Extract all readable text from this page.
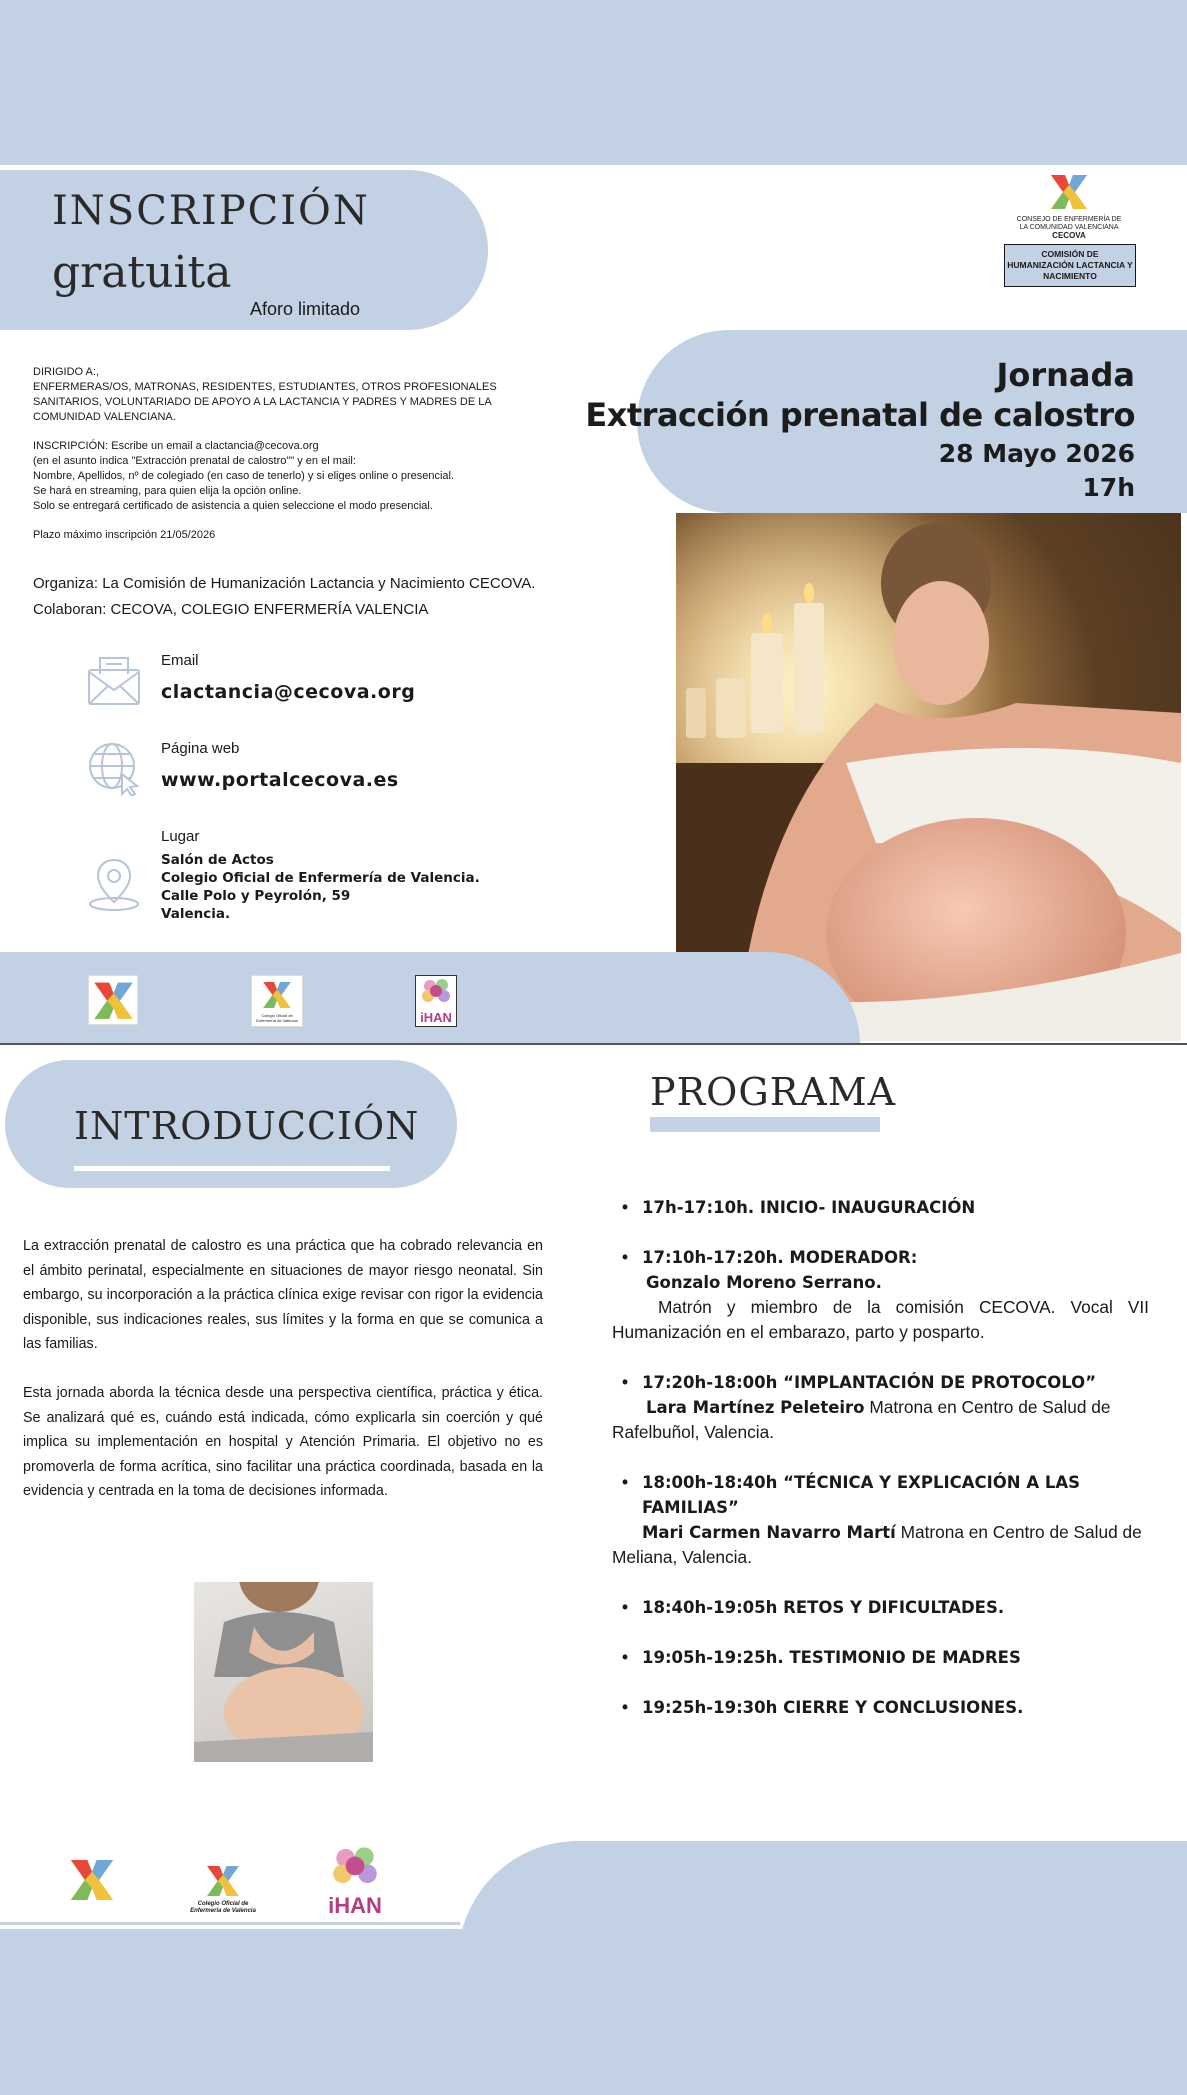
INSCRIPCIÓN
gratuita
Aforo limitado
CONSEJO DE ENFERMERÍA DE
LA COMUNIDAD VALENCIANA
CECOVA
COMISIÓN DE HUMANIZACIÓN LACTANCIA Y NACIMIENTO
Jornada
Extracción prenatal de calostro
28 Mayo 2026
17h

DIRIGIDO A:,
ENFERMERAS/OS, MATRONAS, RESIDENTES, ESTUDIANTES, OTROS PROFESIONALES SANITARIOS, VOLUNTARIADO DE APOYO A LA LACTANCIA Y PADRES Y MADRES DE LA COMUNIDAD VALENCIANA.

INSCRIPCIÓN: Escribe un email a clactancia@cecova.org
(en el asunto indica "Extracción prenatal de calostro"" y en el mail:
Nombre, Apellidos, nº de colegiado (en caso de tenerlo) y si eliges online o presencial.
Se hará en streaming, para quien elija la opción online.
Solo se entregará certificado de asistencia a quien seleccione el modo presencial.

Plazo máximo inscripción 21/05/2026

Organiza: La Comisión de Humanización Lactancia y Nacimiento CECOVA.
Colaboran: CECOVA, COLEGIO ENFERMERÍA VALENCIA
Email
clactancia@cecova.org
Página web
www.portalcecova.es
Lugar
Salón de Actos
Colegio Oficial de Enfermería de Valencia.
Calle Polo y Peyrolón, 59
Valencia.
Colegio Oficial de Enfermería de Valencia	iHAN
INTRODUCCIÓN

La extracción prenatal de calostro es una práctica que ha cobrado relevancia en el ámbito perinatal, especialmente en situaciones de mayor riesgo neonatal. Sin embargo, su incorporación a la práctica clínica exige revisar con rigor la evidencia disponible, sus indicaciones reales, sus límites y la forma en que se comunica a las familias.

Esta jornada aborda la técnica desde una perspectiva científica, práctica y ética. Se analizará qué es, cuándo está indicada, cómo explicarla sin coerción y qué implica su implementación en hospital y Atención Primaria. El objetivo no es promoverla de forma acrítica, sino facilitar una práctica coordinada, basada en la evidencia y centrada en la toma de decisiones informada.

PROGRAMA
• 17h-17:10h. INICIO- INAUGURACIÓN
• 17:10h-17:20h. MODERADOR:
Gonzalo Moreno Serrano.
Matrón y miembro de la comisión CECOVA. Vocal VII Humanización en el embarazo, parto y posparto.
• 17:20h-18:00h “IMPLANTACIÓN DE PROTOCOLO”
Lara Martínez Peleteiro Matrona en Centro de Salud de Rafelbuñol, Valencia.
• 18:00h-18:40h “TÉCNICA Y EXPLICACIÓN A LAS FAMILIAS”
Mari Carmen Navarro Martí Matrona en Centro de Salud de Meliana, Valencia.
• 18:40h-19:05h RETOS Y DIFICULTADES.
• 19:05h-19:25h. TESTIMONIO DE MADRES
• 19:25h-19:30h CIERRE Y CONCLUSIONES.
Colegio Oficial de Enfermería de Valencia	iHAN
